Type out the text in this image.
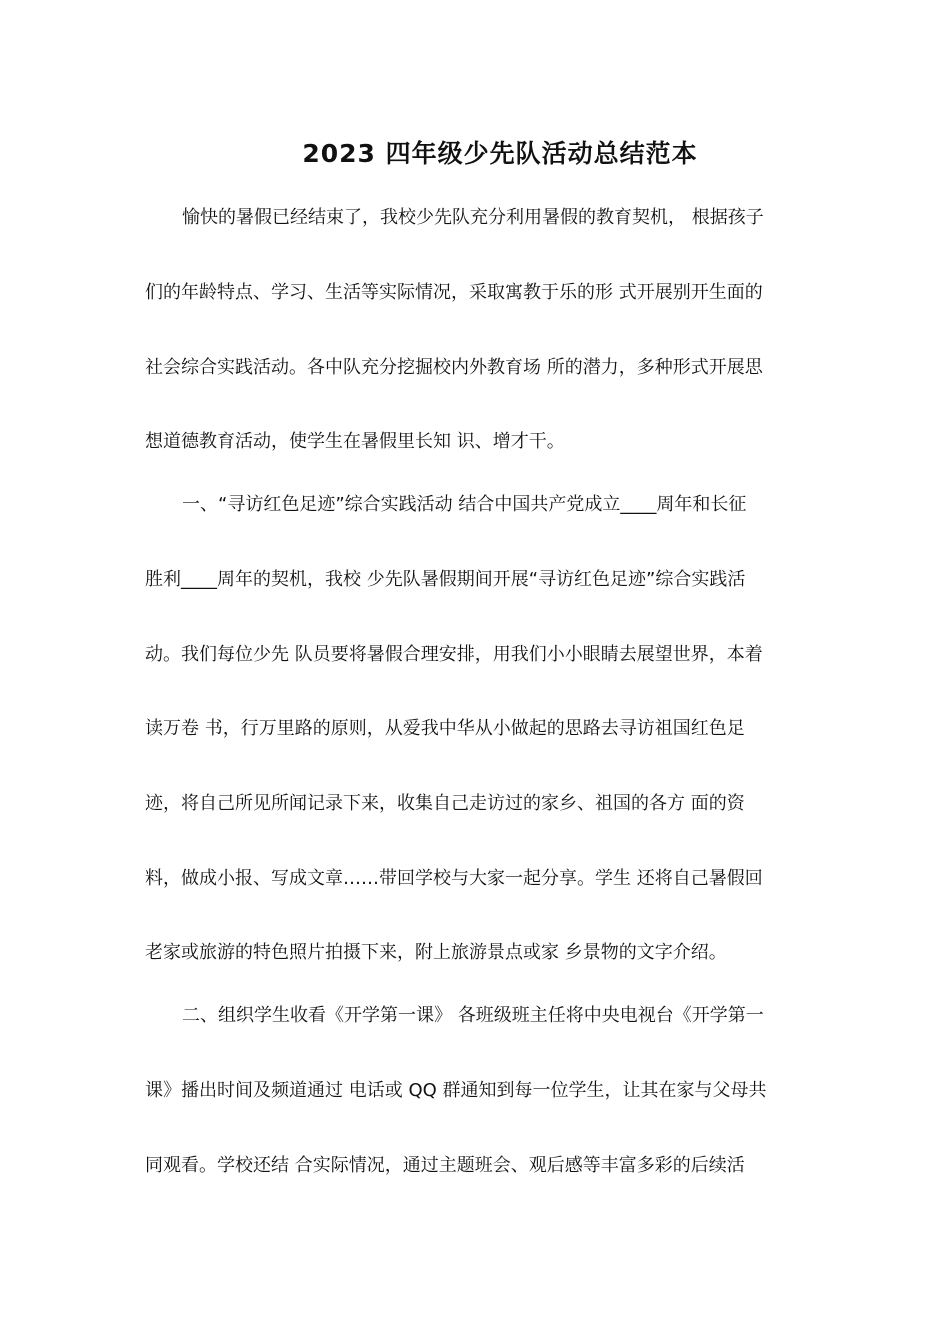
2023 四年级少先队活动总结范本

愉快的暑假已经结束了，我校少先队充分利用暑假的教育契机， 根据孩子

们的年龄特点、学习、生活等实际情况，采取寓教于乐的形 式开展别开生面的

社会综合实践活动。各中队充分挖掘校内外教育场 所的潜力，多种形式开展思

想道德教育活动，使学生在暑假里长知 识、增才干。

一、“寻访红色足迹”综合实践活动 结合中国共产党成立____周年和长征

胜利____周年的契机，我校 少先队暑假期间开展“寻访红色足迹”综合实践活

动。我们每位少先 队员要将暑假合理安排，用我们小小眼睛去展望世界，本着

读万卷 书，行万里路的原则，从爱我中华从小做起的思路去寻访祖国红色足

迹，将自己所见所闻记录下来，收集自己走访过的家乡、祖国的各方 面的资

料，做成小报、写成文章……带回学校与大家一起分享。学生 还将自己暑假回

老家或旅游的特色照片拍摄下来，附上旅游景点或家 乡景物的文字介绍。

二、组织学生收看《开学第一课》 各班级班主任将中央电视台《开学第一

课》播出时间及频道通过 电话或 QQ 群通知到每一位学生，让其在家与父母共

同观看。学校还结 合实际情况，通过主题班会、观后感等丰富多彩的后续活
